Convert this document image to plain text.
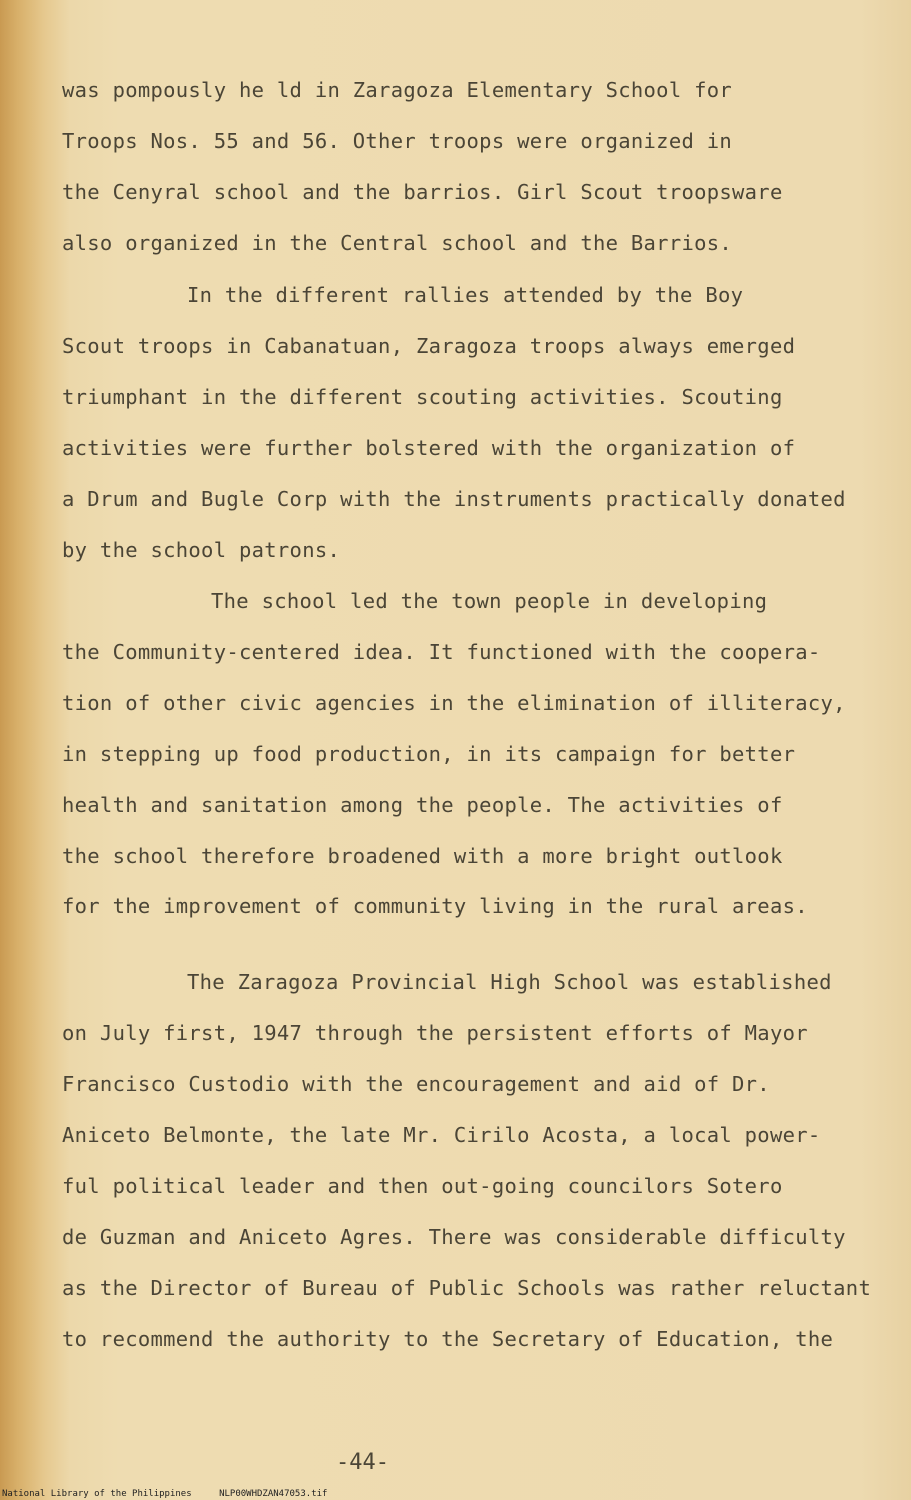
was pompously he ld in Zaragoza Elementary School for
Troops Nos. 55 and 56. Other troops were organized in
the Cenyral school and the barrios. Girl Scout troopsware
also organized in the Central school and the Barrios.
In the different rallies attended by the Boy
Scout troops in Cabanatuan, Zaragoza troops always emerged
triumphant in the different scouting activities. Scouting
activities were further bolstered with the organization of
a Drum and Bugle Corp with the instruments practically donated
by the school patrons.
The school led the town people in developing
the Community-centered idea. It functioned with the coopera-
tion of other civic agencies in the elimination of illiteracy,
in stepping up food production, in its campaign for better
health and sanitation among the people. The activities of
the school therefore broadened with a more bright outlook
for the improvement of community living in the rural areas.
The Zaragoza Provincial High School was established
on July first, 1947 through the persistent efforts of Mayor
Francisco Custodio with the encouragement and aid of Dr.
Aniceto Belmonte, the late Mr. Cirilo Acosta, a local power-
ful political leader and then out-going councilors Sotero
de Guzman and Aniceto Agres. There was considerable difficulty
as the Director of Bureau of Public Schools was rather reluctant
to recommend the authority to the Secretary of Education, the
-44-
National Library of the Philippines	NLP00WHDZAN47053.tif
